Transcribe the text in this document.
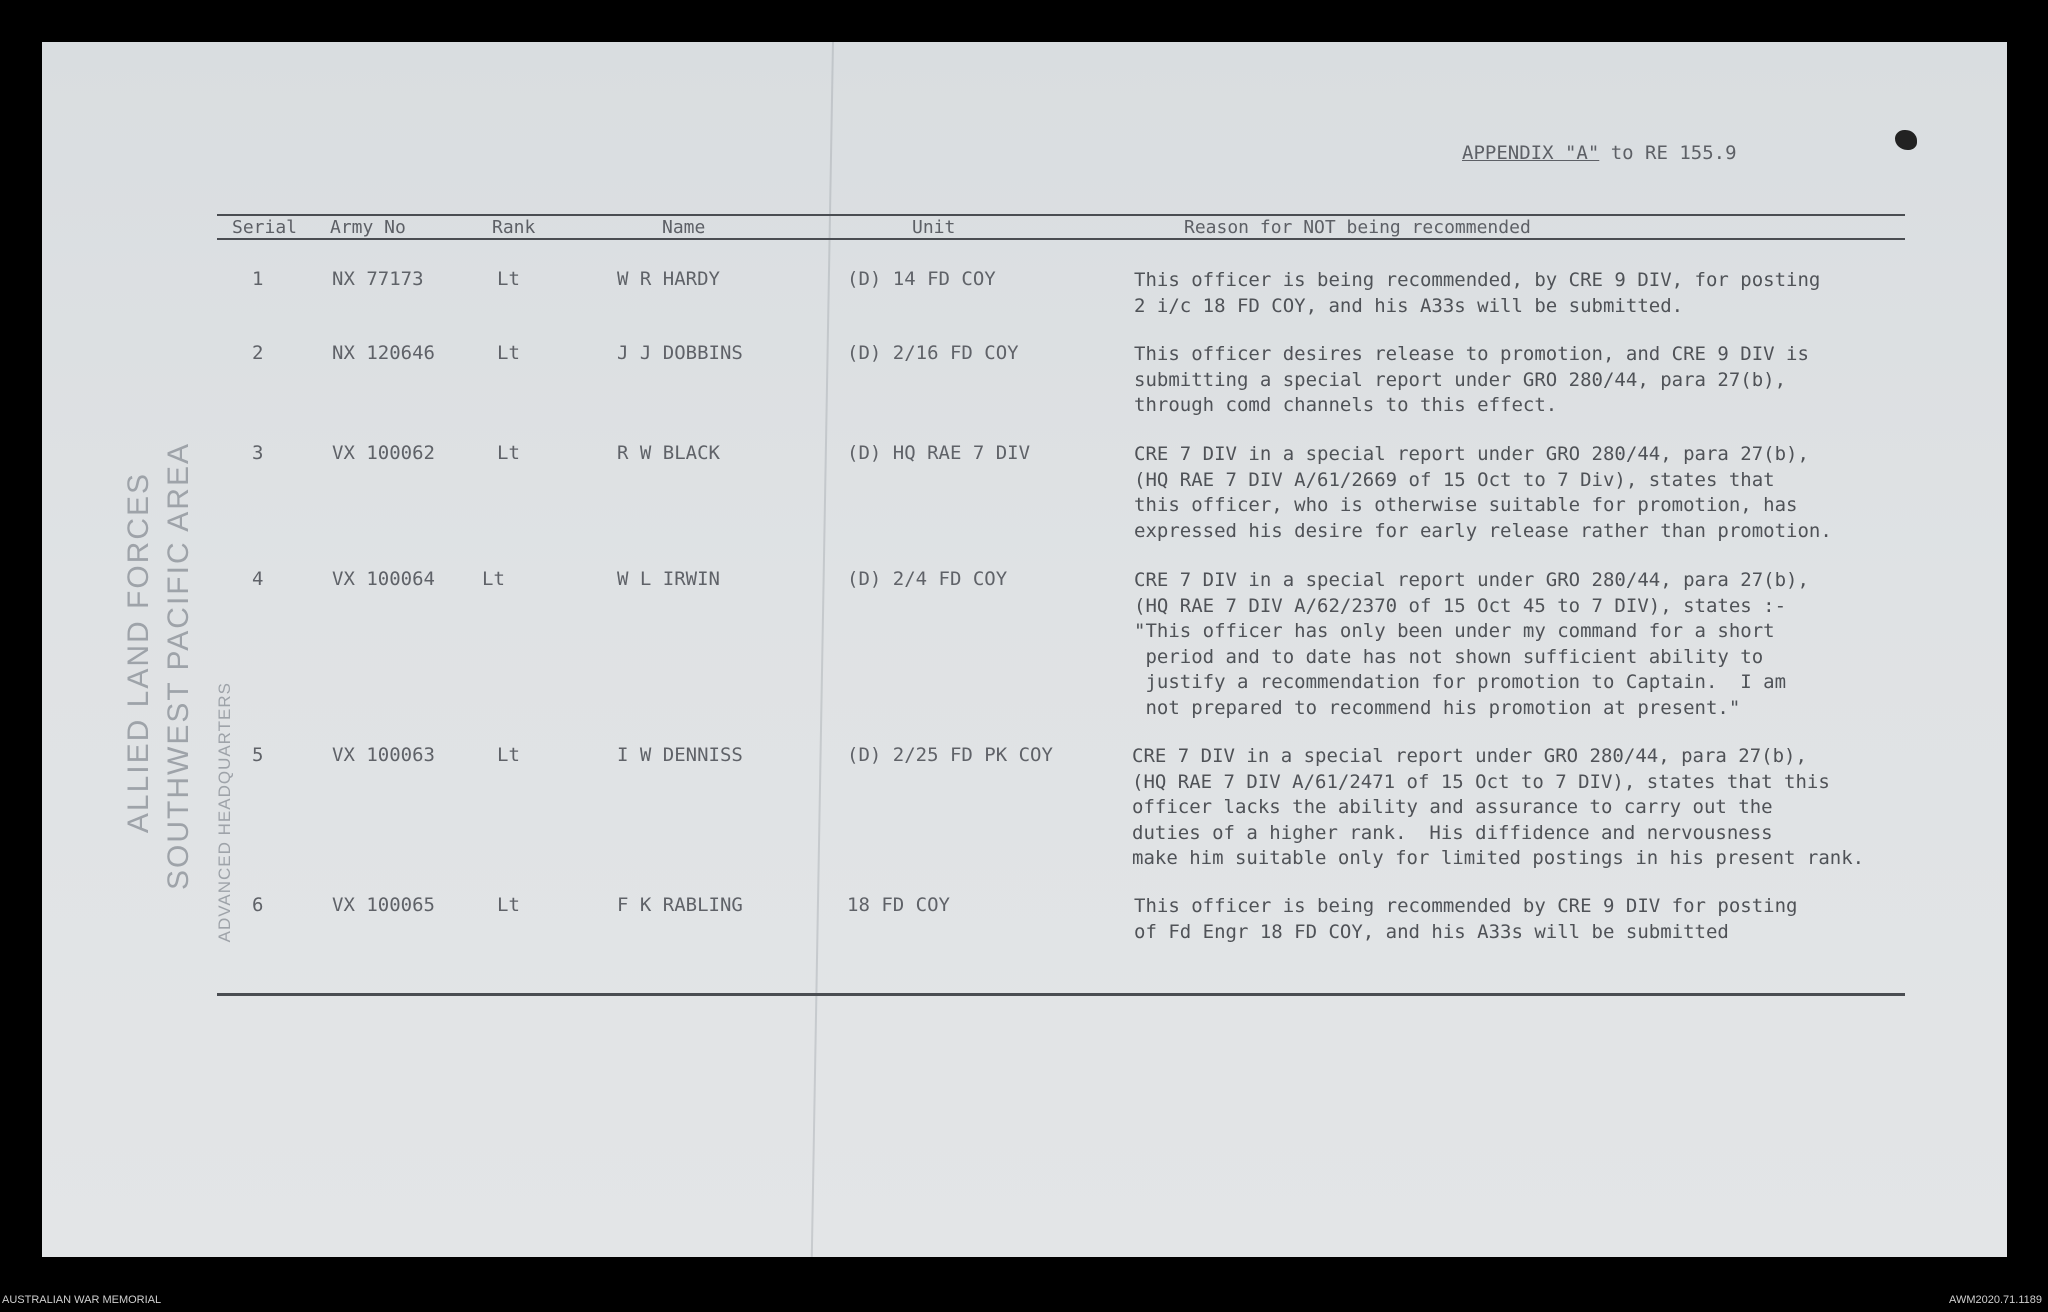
APPENDIX "A" to RE 155.9
Serial Army No	Rank	Name	Unit	Reason for NOT being recommended
1	NX 77173	Lt	W R HARDY	(D) 14 FD COY	This officer is being recommended, by CRE 9 DIV, for posting
2 i/c 18 FD COY, and his A33s will be submitted.
2	NX 120646	Lt	J J DOBBINS	(D) 2/16 FD COY	This officer desires release to promotion, and CRE 9 DIV is
submitting a special report under GRO 280/44, para 27(b),
through comd channels to this effect.
3	VX 100062	Lt	R W BLACK	(D) HQ RAE 7 DIV	CRE 7 DIV in a special report under GRO 280/44, para 27(b),
(HQ RAE 7 DIV A/61/2669 of 15 Oct to 7 Div), states that
this officer, who is otherwise suitable for promotion, has
expressed his desire for early release rather than promotion.
4	VX 100064 Lt	W L IRWIN	(D) 2/4 FD COY	CRE 7 DIV in a special report under GRO 280/44, para 27(b),
(HQ RAE 7 DIV A/62/2370 of 15 Oct 45 to 7 DIV), states :-
"This officer has only been under my command for a short
period and to date has not shown sufficient ability to
justify a recommendation for promotion to Captain.  I am
not prepared to recommend his promotion at present."
5	VX 100063	Lt	I W DENNISS	(D) 2/25 FD PK COY	CRE 7 DIV in a special report under GRO 280/44, para 27(b),
(HQ RAE 7 DIV A/61/2471 of 15 Oct to 7 DIV), states that this
officer lacks the ability and assurance to carry out the
duties of a higher rank.  His diffidence and nervousness
make him suitable only for limited postings in his present rank.
6	VX 100065	Lt	F K RABLING	18 FD COY	This officer is being recommended by CRE 9 DIV for posting
of Fd Engr 18 FD COY, and his A33s will be submitted
ALLIED LAND FORCES SOUTHWEST PACIFIC AREA ADVANCED HEADQUARTERS
AUSTRALIAN WAR MEMORIAL	AWM2020.71.1189
